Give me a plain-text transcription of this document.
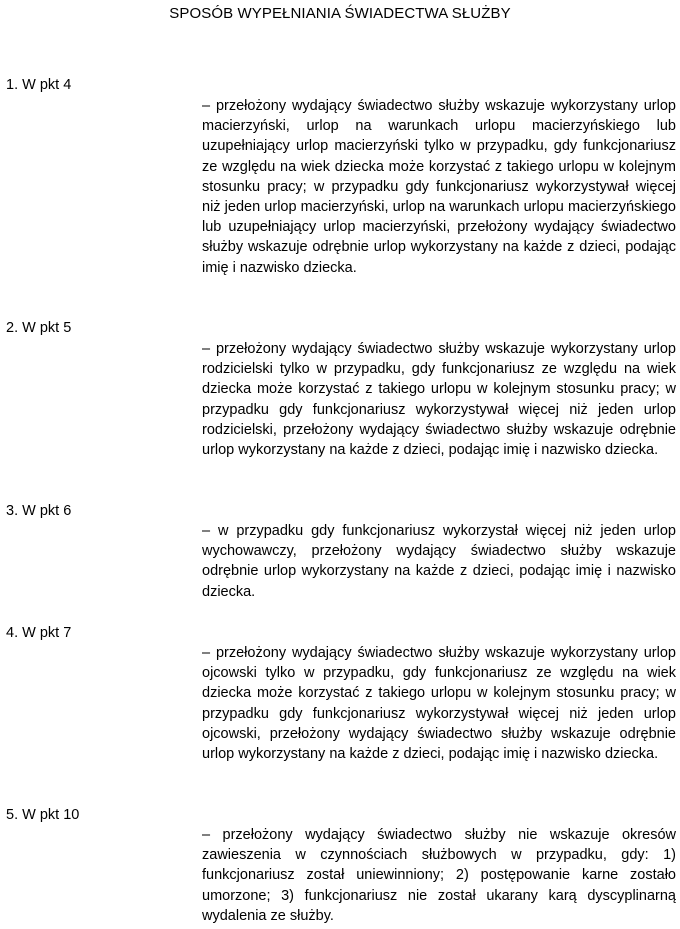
SPOSÓB WYPEŁNIANIA ŚWIADECTWA SŁUŻBY
1. W pkt 4
– przełożony wydający świadectwo służby wskazuje wykorzystany urlop macierzyński, urlop na warunkach urlopu macierzyńskiego lub uzupełniający urlop macierzyński tylko w przypadku, gdy funkcjonariusz ze względu na wiek dziecka może korzystać z takiego urlopu w kolejnym stosunku pracy; w przypadku gdy funkcjonariusz wykorzystywał więcej niż jeden urlop macierzyński, urlop na warunkach urlopu macierzyńskiego lub uzupełniający urlop macierzyński, przełożony wydający świadectwo służby wskazuje odrębnie urlop wykorzystany na każde z dzieci, podając imię i nazwisko dziecka.
2. W pkt 5
– przełożony wydający świadectwo służby wskazuje wykorzystany urlop rodzicielski tylko w przypadku, gdy funkcjonariusz ze względu na wiek dziecka może korzystać z takiego urlopu w kolejnym stosunku pracy; w przypadku gdy funkcjonariusz wykorzystywał więcej niż jeden urlop rodzicielski, przełożony wydający świadectwo służby wskazuje odrębnie urlop wykorzystany na każde z dzieci, podając imię i nazwisko dziecka.
3. W pkt 6
– w przypadku gdy funkcjonariusz wykorzystał więcej niż jeden urlop wychowawczy, przełożony wydający świadectwo służby wskazuje odrębnie urlop wykorzystany na każde z dzieci, podając imię i nazwisko dziecka.
4. W pkt 7
– przełożony wydający świadectwo służby wskazuje wykorzystany urlop ojcowski tylko w przypadku, gdy funkcjonariusz ze względu na wiek dziecka może korzystać z takiego urlopu w kolejnym stosunku pracy; w przypadku gdy funkcjonariusz wykorzystywał więcej niż jeden urlop ojcowski, przełożony wydający świadectwo służby wskazuje odrębnie urlop wykorzystany na każde z dzieci, podając imię i nazwisko dziecka.
5. W pkt 10
– przełożony wydający świadectwo służby nie wskazuje okresów zawieszenia w czynnościach służbowych w przypadku, gdy: 1) funkcjonariusz został uniewinniony; 2) postępowanie karne zostało umorzone; 3) funkcjonariusz nie został ukarany karą dyscyplinarną wydalenia ze służby.
